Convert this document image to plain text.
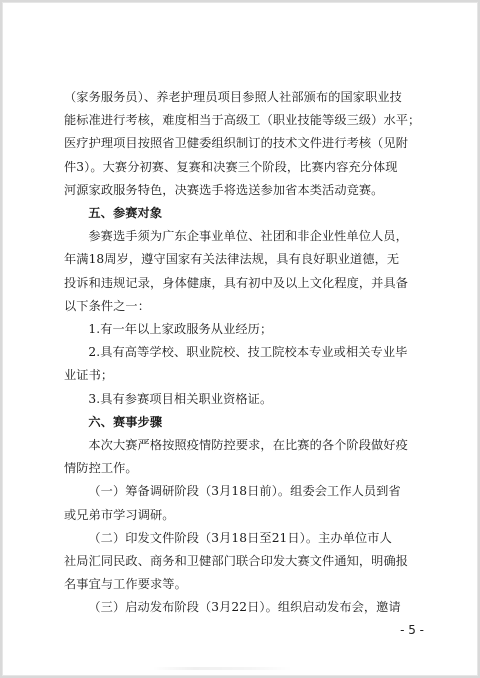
（家务服务员）、养老护理员项目参照人社部颁布的国家职业技
能标准进行考核，难度相当于高级工（职业技能等级三级）水平；
医疗护理项目按照省卫健委组织制订的技术文件进行考核（见附
件3）。大赛分初赛、复赛和决赛三个阶段，比赛内容充分体现
河源家政服务特色，决赛选手将选送参加省本类活动竞赛。

五、参赛对象

参赛选手须为广东企事业单位、社团和非企业性单位人员，
年满18周岁，遵守国家有关法律法规，具有良好职业道德，无
投诉和违规记录，身体健康，具有初中及以上文化程度，并具备
以下条件之一：

1.有一年以上家政服务从业经历；

2.具有高等学校、职业院校、技工院校本专业或相关专业毕
业证书；

3.具有参赛项目相关职业资格证。

六、赛事步骤

本次大赛严格按照疫情防控要求，在比赛的各个阶段做好疫
情防控工作。

（一）筹备调研阶段（3月18日前）。组委会工作人员到省
或兄弟市学习调研。

（二）印发文件阶段（3月18日至21日）。主办单位市人
社局汇同民政、商务和卫健部门联合印发大赛文件通知，明确报
名事宜与工作要求等。

（三）启动发布阶段（3月22日）。组织启动发布会，邀请

- 5 -
